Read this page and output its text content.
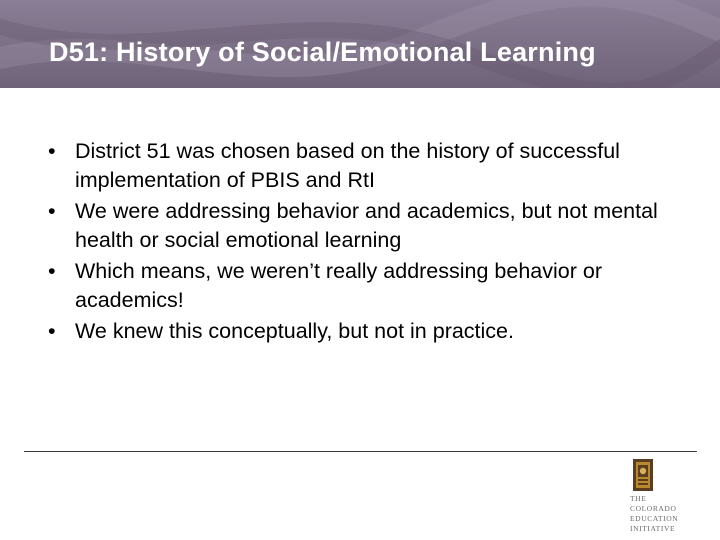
D51: History of Social/Emotional Learning
• District 51 was chosen based on the history of successful implementation of PBIS and RtI
• We were addressing behavior and academics, but not mental health or social emotional learning
• Which means, we weren’t really addressing behavior or academics!
• We knew this conceptually, but not in practice.
THE
COLORADO
EDUCATION
INITIATIVE
